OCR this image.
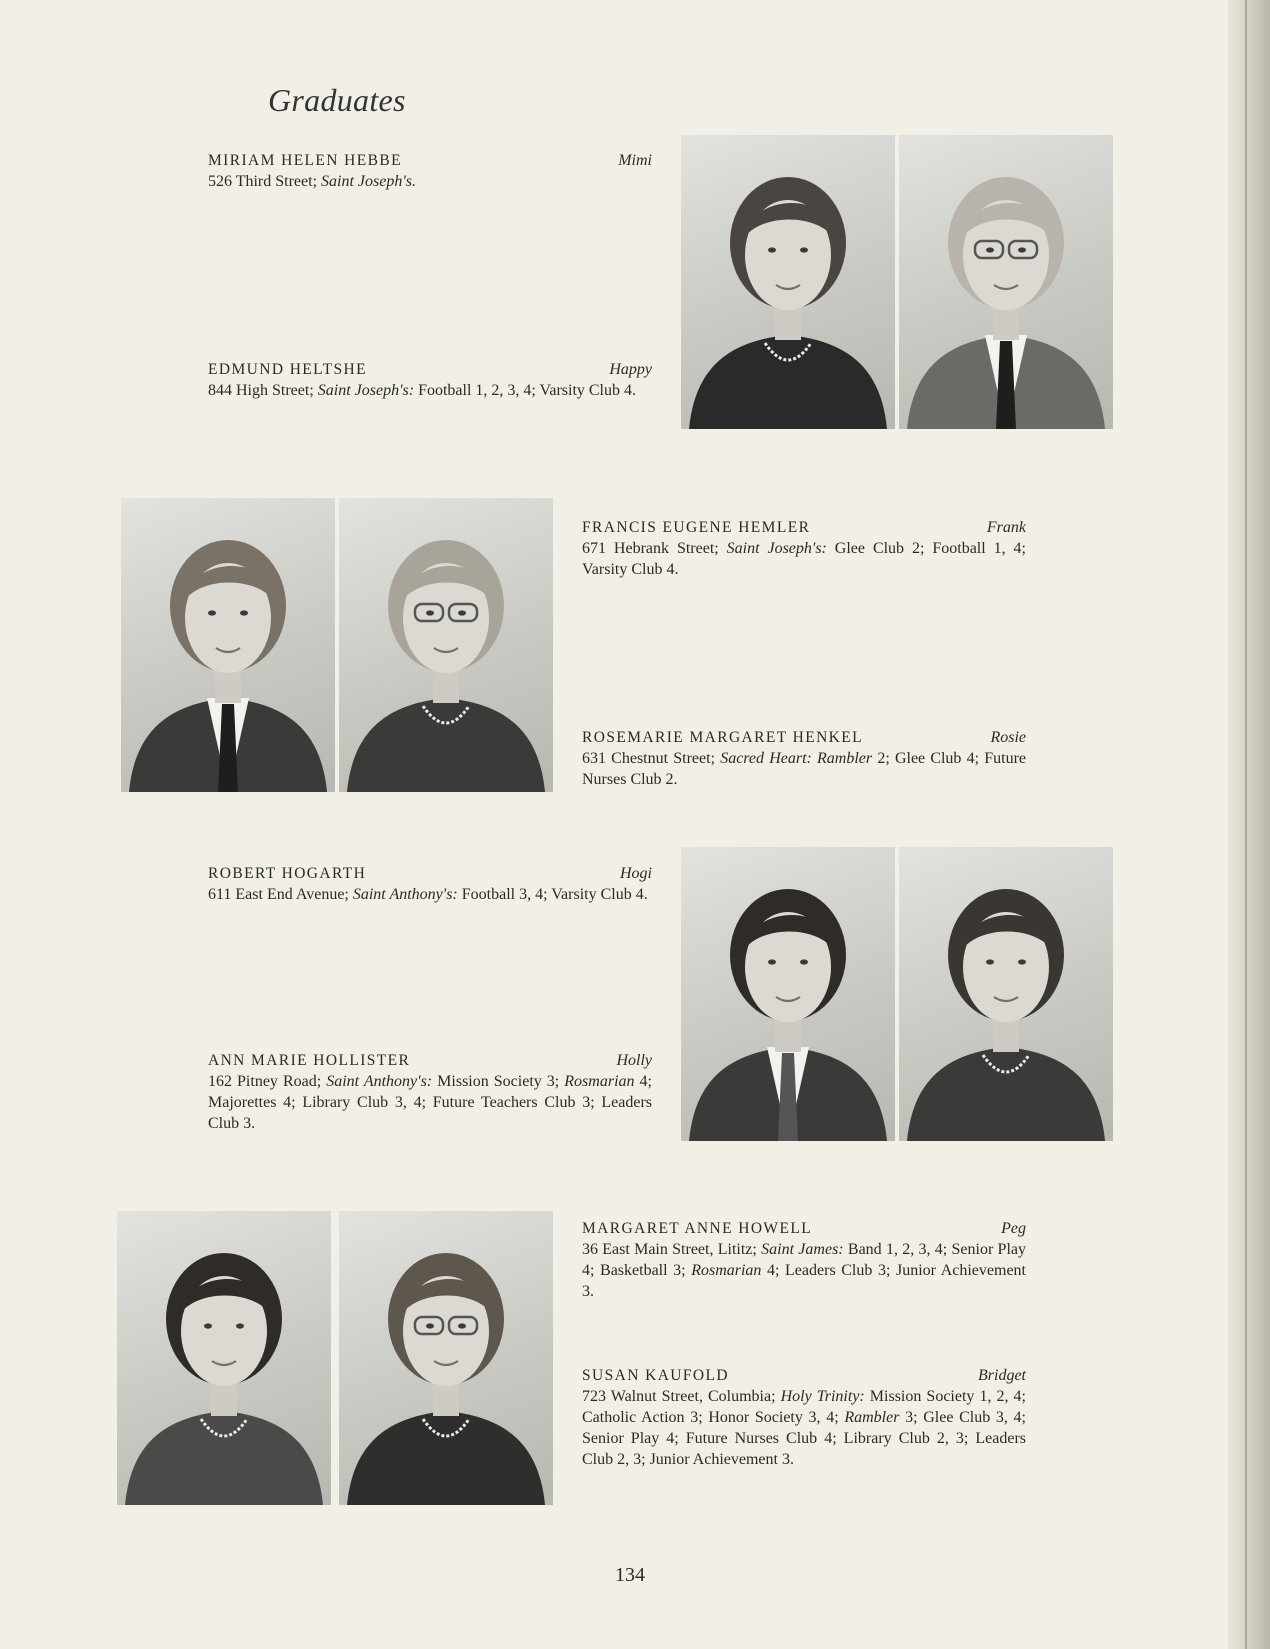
Graduates
MIRIAM HELEN HEBBE	Mimi
526 Third Street; Saint Joseph's.
EDMUND HELTSHE	Happy
844 High Street; Saint Joseph's: Football 1, 2, 3, 4; Varsity Club 4.
FRANCIS EUGENE HEMLER	Frank
671 Hebrank Street; Saint Joseph's: Glee Club 2; Football 1, 4; Varsity Club 4.
ROSEMARIE MARGARET HENKEL	Rosie
631 Chestnut Street; Sacred Heart: Rambler 2; Glee Club 4; Future Nurses Club 2.
ROBERT HOGARTH	Hogi
611 East End Avenue; Saint Anthony's: Football 3, 4; Varsity Club 4.
ANN MARIE HOLLISTER	Holly
162 Pitney Road; Saint Anthony's: Mission Society 3; Rosmarian 4; Majorettes 4; Library Club 3, 4; Future Teachers Club 3; Leaders Club 3.
MARGARET ANNE HOWELL	Peg
36 East Main Street, Lititz; Saint James: Band 1, 2, 3, 4; Senior Play 4; Basketball 3; Rosmarian 4; Leaders Club 3; Junior Achievement 3.
SUSAN KAUFOLD	Bridget
723 Walnut Street, Columbia; Holy Trinity: Mission Society 1, 2, 4; Catholic Action 3; Honor Society 3, 4; Rambler 3; Glee Club 3, 4; Senior Play 4; Future Nurses Club 4; Library Club 2, 3; Leaders Club 2, 3; Junior Achievement 3.
134
